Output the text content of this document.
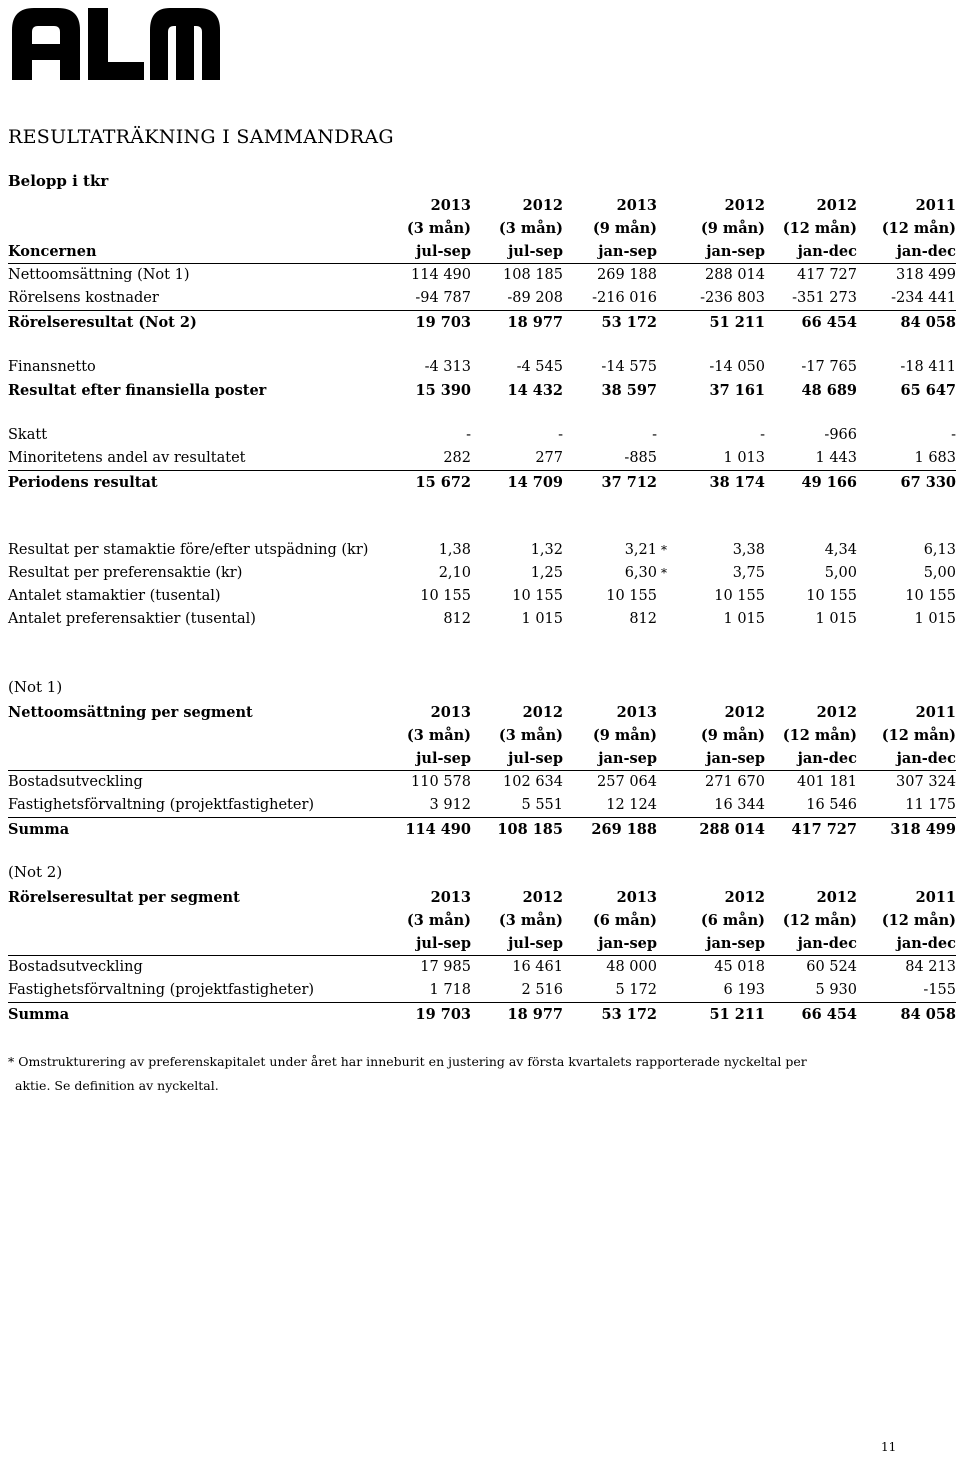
RESULTATRÄKNING I SAMMANDRAG
Belopp i tkr
	2013	2012	2013		2012	2012	2011
	(3 mån)	(3 mån)	(9 mån)		(9 mån)	(12 mån)	(12 mån)
Koncernen	jul-sep	jul-sep	jan-sep		jan-sep	jan-dec	jan-dec
Nettoomsättning (Not 1)	114 490	108 185	269 188		288 014	417 727	318 499
Rörelsens kostnader	-94 787	-89 208	-216 016		-236 803	-351 273	-234 441
Rörelseresultat (Not 2)	19 703	18 977	53 172		51 211	66 454	84 058

Finansnetto	-4 313	-4 545	-14 575		-14 050	-17 765	-18 411
Resultat efter finansiella poster	15 390	14 432	38 597		37 161	48 689	65 647

Skatt	-	-	-		-	-966	-
Minoritetens andel av resultatet	282	277	-885		1 013	1 443	1 683
Periodens resultat	15 672	14 709	37 712		38 174	49 166	67 330
Resultat per stamaktie före/efter utspädning (kr)	1,38	1,32	3,21	*	3,38	4,34	6,13
Resultat per preferensaktie (kr)	2,10	1,25	6,30	*	3,75	5,00	5,00
Antalet stamaktier (tusental)	10 155	10 155	10 155		10 155	10 155	10 155
Antalet preferensaktier (tusental)	812	1 015	812		1 015	1 015	1 015
(Not 1)
Nettoomsättning per segment	2013	2012	2013		2012	2012	2011
	(3 mån)	(3 mån)	(9 mån)		(9 mån)	(12 mån)	(12 mån)
	jul-sep	jul-sep	jan-sep		jan-sep	jan-dec	jan-dec
Bostadsutveckling	110 578	102 634	257 064		271 670	401 181	307 324
Fastighetsförvaltning (projektfastigheter)	3 912	5 551	12 124		16 344	16 546	11 175
Summa	114 490	108 185	269 188		288 014	417 727	318 499
(Not 2)
Rörelseresultat per segment	2013	2012	2013		2012	2012	2011
	(3 mån)	(3 mån)	(6 mån)		(6 mån)	(12 mån)	(12 mån)
	jul-sep	jul-sep	jan-sep		jan-sep	jan-dec	jan-dec
Bostadsutveckling	17 985	16 461	48 000		45 018	60 524	84 213
Fastighetsförvaltning (projektfastigheter)	1 718	2 516	5 172		6 193	5 930	-155
Summa	19 703	18 977	53 172		51 211	66 454	84 058
* Omstrukturering av preferenskapitalet under året har inneburit en justering av första kvartalets rapporterade nyckeltal per
aktie. Se definition av nyckeltal.
11
